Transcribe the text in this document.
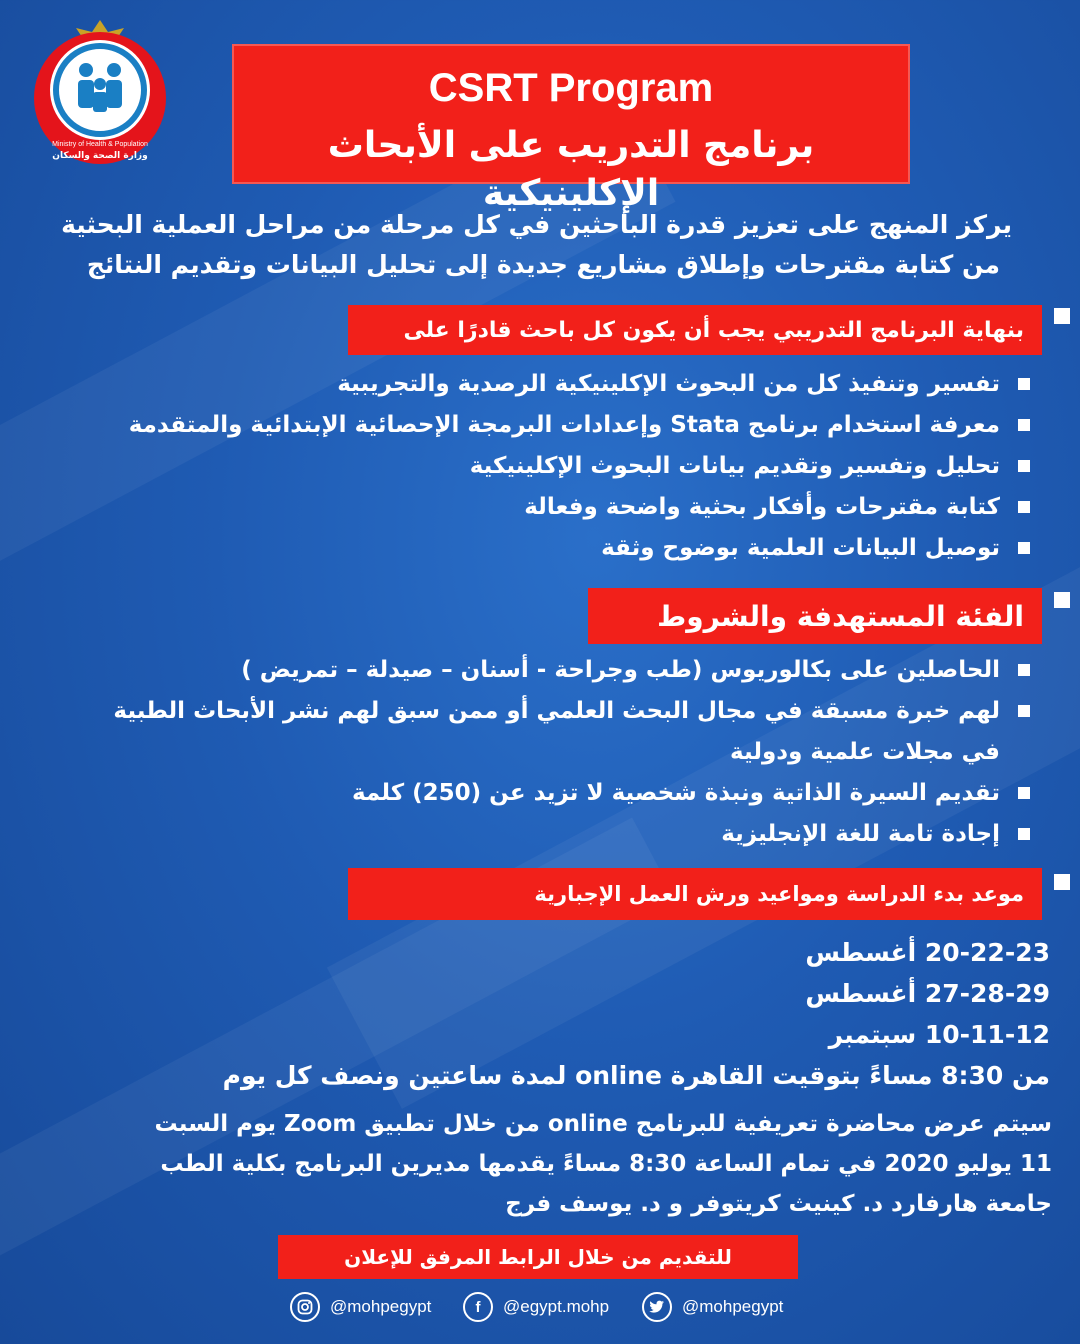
Ministry of Health & Population
وزارة الصحة والسكان
CSRT Program
برنامج التدريب على الأبحاث الإكلينيكية
يركز المنهج على تعزيز قدرة الباحثين في كل مرحلة من مراحل العملية البحثية
من كتابة مقترحات وإطلاق مشاريع جديدة إلى تحليل البيانات وتقديم النتائج
بنهاية البرنامج التدريبي يجب أن يكون كل باحث قادرًا على
تفسير وتنفيذ كل من البحوث الإكلينيكية الرصدية والتجريبية
معرفة استخدام برنامج Stata وإعدادات البرمجة الإحصائية الإبتدائية والمتقدمة
تحليل وتفسير وتقديم بيانات البحوث الإكلينيكية
كتابة مقترحات وأفكار بحثية واضحة وفعالة
توصيل البيانات العلمية بوضوح وثقة
الفئة المستهدفة والشروط
الحاصلين على بكالوريوس (طب وجراحة - أسنان – صيدلة – تمريض )
لهم خبرة مسبقة في مجال البحث العلمي أو ممن سبق لهم نشر الأبحاث الطبية
في مجلات علمية ودولية
تقديم السيرة الذاتية ونبذة شخصية لا تزيد عن (250) كلمة
إجادة تامة للغة الإنجليزية
موعد بدء الدراسة ومواعيد ورش العمل الإجبارية
20-22-23 أغسطس
27-28-29 أغسطس
10-11-12 سبتمبر
من 8:30 مساءً بتوقيت القاهرة online لمدة ساعتين ونصف كل يوم
سيتم عرض محاضرة تعريفية للبرنامج online من خلال تطبيق Zoom يوم السبت
11 يوليو 2020 في تمام الساعة 8:30 مساءً يقدمها مديرين البرنامج بكلية الطب
جامعة هارفارد د. كينيث كريتوفر و د. يوسف فرج
للتقديم من خلال الرابط المرفق للإعلان
@mohpegypt	f	@egypt.mohp	@mohpegypt
